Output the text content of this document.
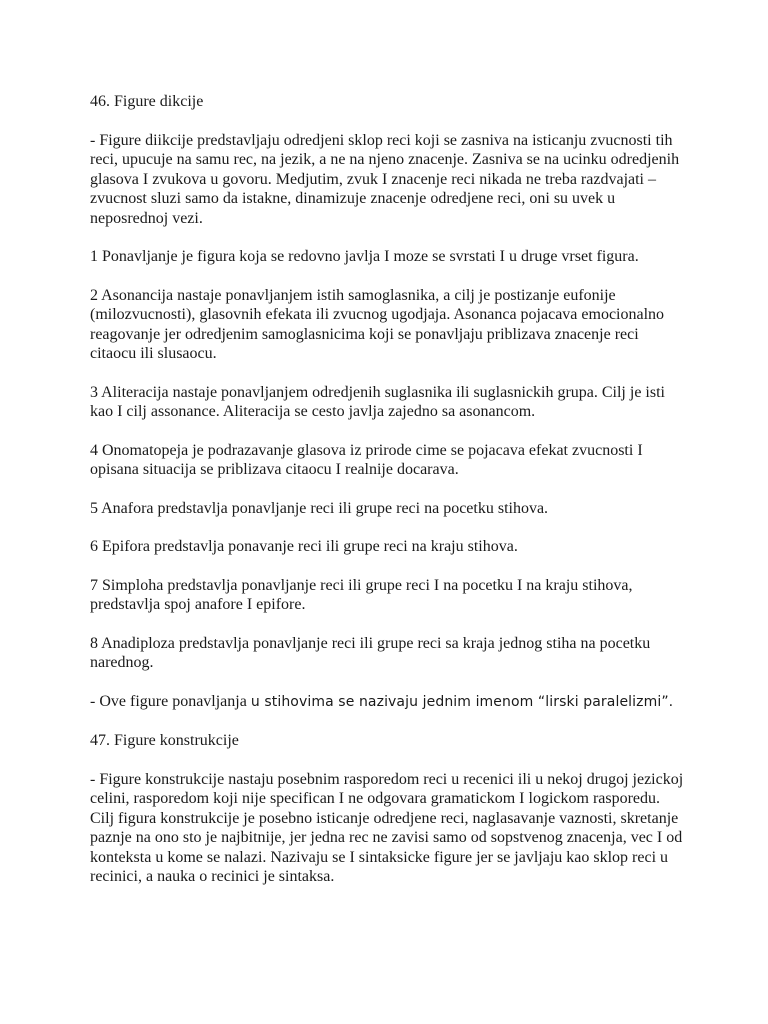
46. Figure dikcije

- Figure diikcije predstavljaju odredjeni sklop reci koji se zasniva na isticanju zvucnosti tih reci, upucuje na samu rec, na jezik, a ne na njeno znacenje. Zasniva se na ucinku odredjenih glasova I zvukova u govoru. Medjutim, zvuk I znacenje reci nikada ne treba razdvajati – zvucnost sluzi samo da istakne, dinamizuje znacenje odredjene reci, oni su uvek u neposrednoj vezi.

1 Ponavljanje je figura koja se redovno javlja I moze se svrstati I u druge vrset figura.

2 Asonancija nastaje ponavljanjem istih samoglasnika, a cilj je postizanje eufonije (milozvucnosti), glasovnih efekata ili zvucnog ugodjaja. Asonanca pojacava emocionalno reagovanje jer odredjenim samoglasnicima koji se ponavljaju priblizava znacenje reci citaocu ili slusaocu.

3 Aliteracija nastaje ponavljanjem odredjenih suglasnika ili suglasnickih grupa. Cilj je isti kao I cilj assonance. Aliteracija se cesto javlja zajedno sa asonancom.

4 Onomatopeja je podrazavanje glasova iz prirode cime se pojacava efekat zvucnosti I opisana situacija se priblizava citaocu I realnije docarava.

5 Anafora predstavlja ponavljanje reci ili grupe reci na pocetku stihova.

6 Epifora predstavlja ponavanje reci ili grupe reci na kraju stihova.

7 Simploha predstavlja ponavljanje reci ili grupe reci I na pocetku I na kraju stihova, predstavlja spoj anafore I epifore.

8 Anadiploza predstavlja ponavljanje reci ili grupe reci sa kraja jednog stiha na pocetku narednog.

- Ove figure ponavljanja u stihovima se nazivaju jednim imenom “lirski paralelizmi”.

47. Figure konstrukcije

- Figure konstrukcije nastaju posebnim rasporedom reci u recenici ili u nekoj drugoj jezickoj celini, rasporedom koji nije specifican I ne odgovara gramatickom I logickom rasporedu. Cilj figura konstrukcije je posebno isticanje odredjene reci, naglasavanje vaznosti, skretanje paznje na ono sto je najbitnije, jer jedna rec ne zavisi samo od sopstvenog znacenja, vec I od konteksta u kome se nalazi. Nazivaju se I sintaksicke figure jer se javljaju kao sklop reci u recinici, a nauka o recinici je sintaksa.
